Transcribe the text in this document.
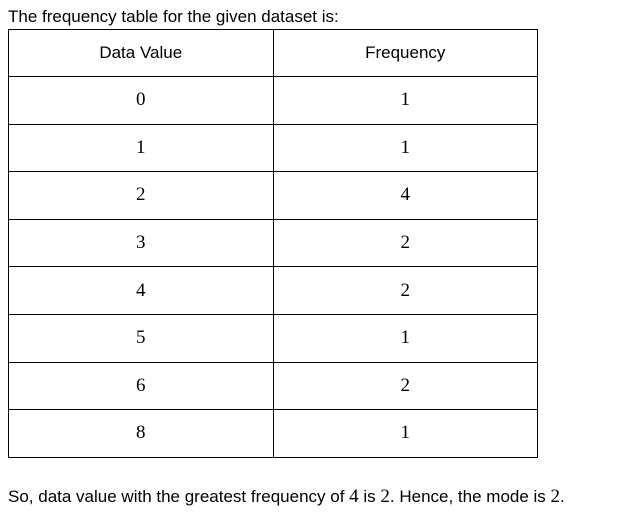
The frequency table for the given dataset is:
Data Value	Frequency
0	1
1	1
2	4
3	2
4	2
5	1
6	2
8	1
So, data value with the greatest frequency of 4 is 2. Hence, the mode is 2.
